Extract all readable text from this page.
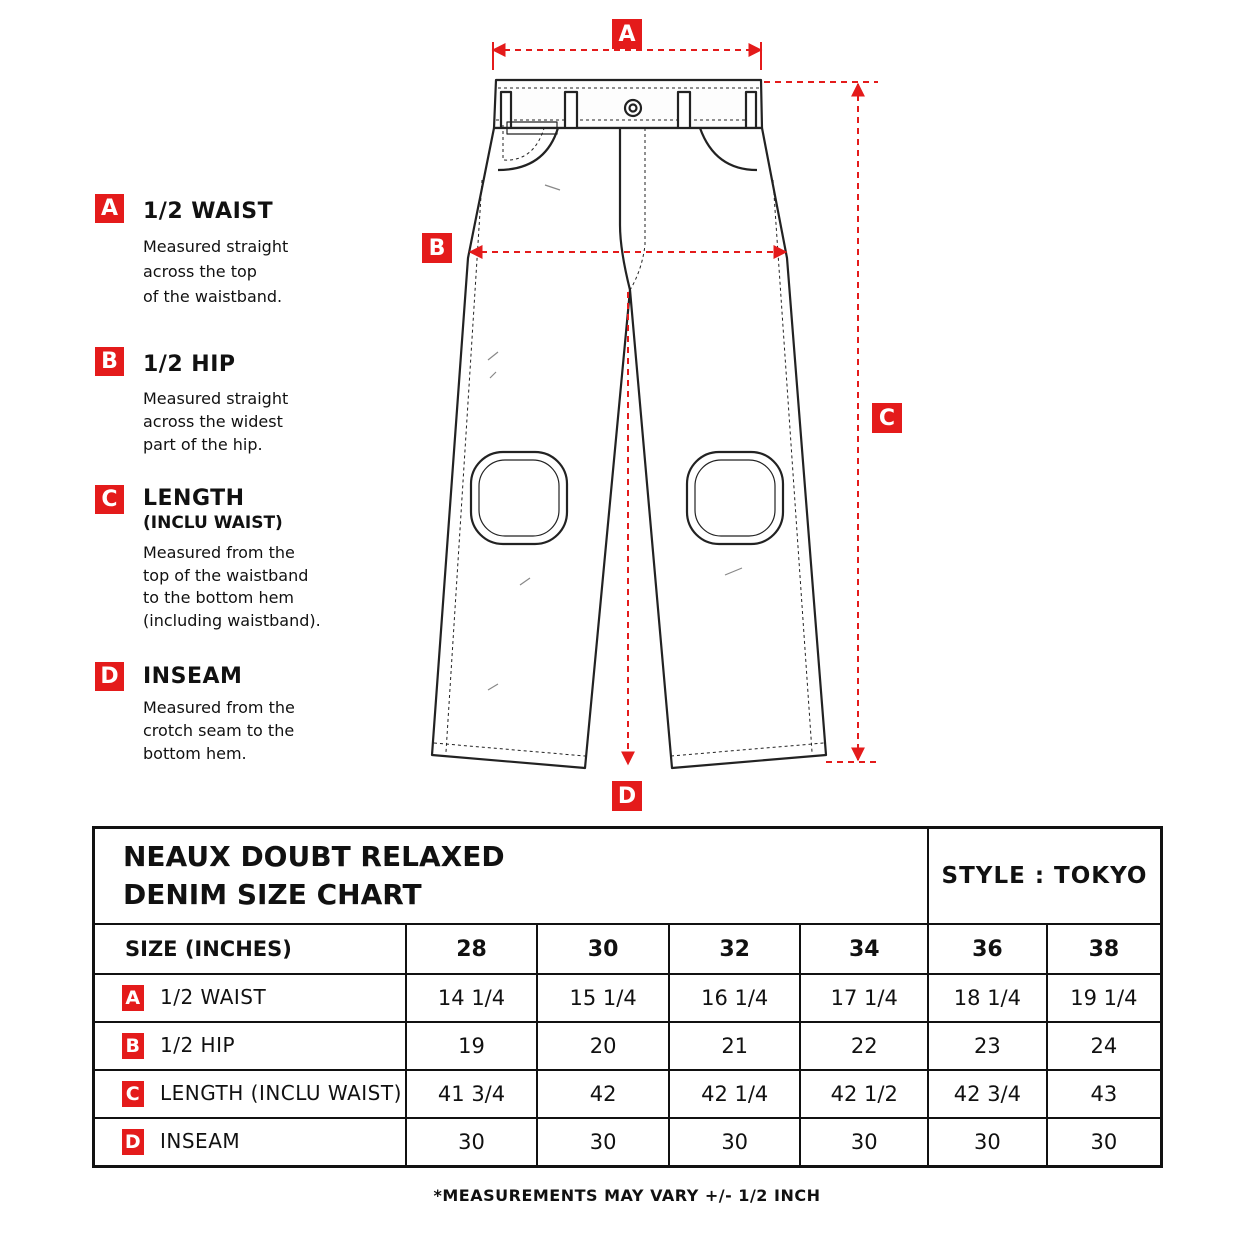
A
B
C
D
A 1/2 WAIST
Measured straight
across the top
of the waistband.
B 1/2 HIP
Measured straight
across the widest
part of the hip.
C LENGTH
(INCLU WAIST)
Measured from the
top of the waistband
to the bottom hem
(including waistband).
D INSEAM
Measured from the
crotch seam to the
bottom hem.
NEAUX DOUBT RELAXED
DENIM SIZE CHART					STYLE : TOKYO	
SIZE (INCHES)	28	30	32	34	36	38
A 1/2 WAIST	14 1/4	15 1/4	16 1/4	17 1/4	18 1/4	19 1/4
B 1/2 HIP	19	20	21	22	23	24
C LENGTH (INCLU WAIST)	41 3/4	42	42 1/4	42 1/2	42 3/4	43
D INSEAM	30	30	30	30	30	30
*MEASUREMENTS MAY VARY +/- 1/2 INCH
